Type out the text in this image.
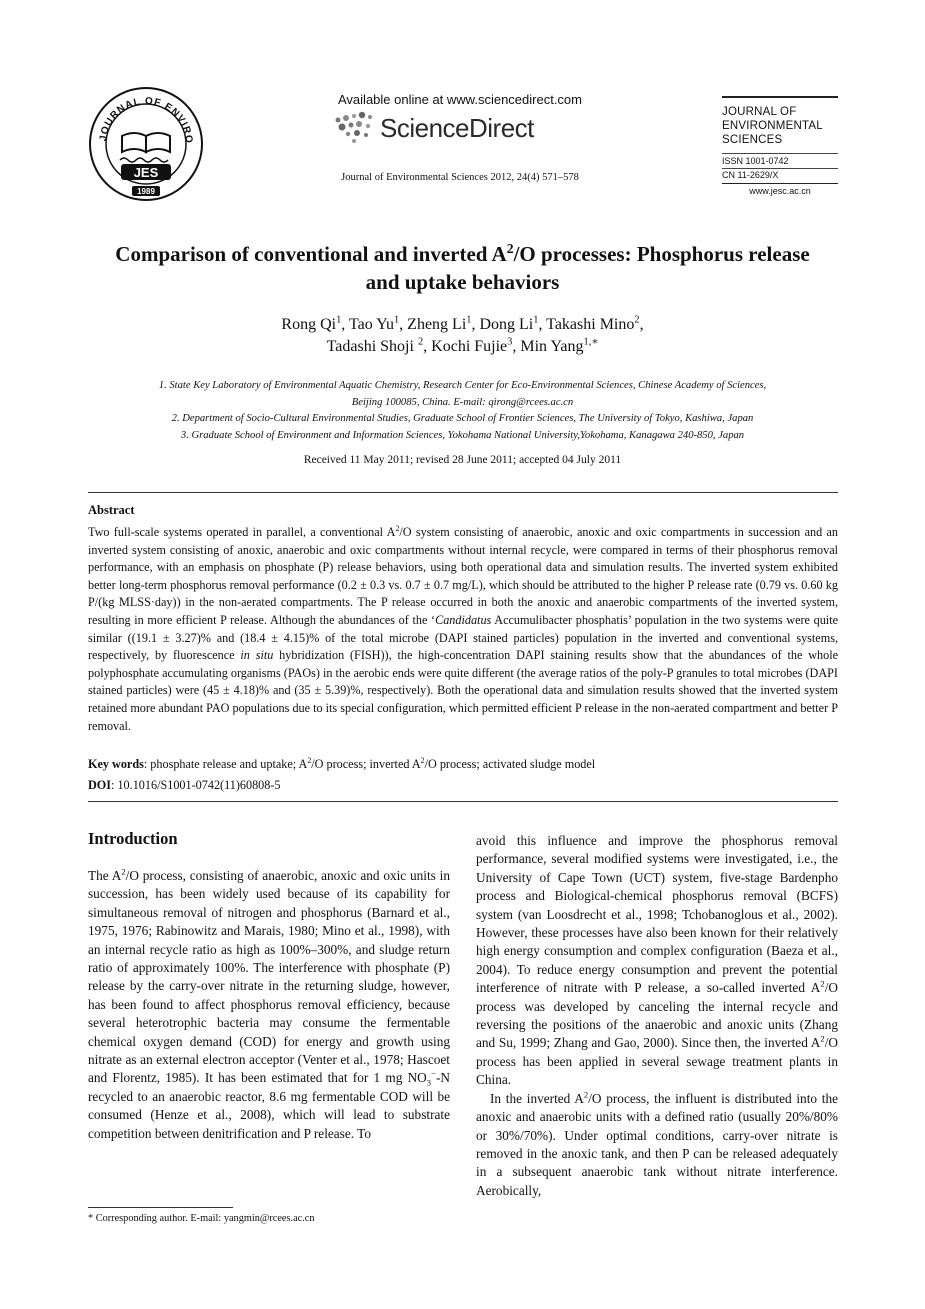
JOURNAL OF ENVIRO
JES
1989
Available online at www.sciencedirect.com
ScienceDirect
Journal of Environmental Sciences 2012, 24(4) 571–578
JOURNAL OF
ENVIRONMENTAL
SCIENCES
ISSN 1001-0742
CN 11-2629/X
www.jesc.ac.cn
Comparison of conventional and inverted $A^2/O$ processes: Phosphorus release
and uptake behaviors
Rong Qi$^1$, Tao Yu$^1$, Zheng Li$^1$, Dong Li$^1$, Takashi Mino$^2$,
Tadashi Shoji $^2$, Kochi Fujie$^3$, Min Yang$^{1,∗}$
1. State Key Laboratory of Environmental Aquatic Chemistry, Research Center for Eco-Environmental Sciences, Chinese Academy of Sciences,
Beijing 100085, China. E-mail: qirong@rcees.ac.cn
2. Department of Socio-Cultural Environmental Studies, Graduate School of Frontier Sciences, The University of Tokyo, Kashiwa, Japan
3. Graduate School of Environment and Information Sciences, Yokohama National University,Yokohama, Kanagawa 240-850, Japan
Received 11 May 2011; revised 28 June 2011; accepted 04 July 2011
Abstract
Two full-scale systems operated in parallel, a conventional $A^2/O$ system consisting of anaerobic, anoxic and oxic compartments in succession and an inverted system consisting of anoxic, anaerobic and oxic compartments without internal recycle, were compared in terms of their phosphorus removal performance, with an emphasis on phosphate (P) release behaviors, using both operational data and simulation results. The inverted system exhibited better long-term phosphorus removal performance (0.2 ± 0.3 vs. 0.7 ± 0.7 mg/L), which should be attributed to the higher P release rate (0.79 vs. 0.60 kg P/(kg MLSS·day)) in the non-aerated compartments. The P release occurred in both the anoxic and anaerobic compartments of the inverted system, resulting in more efficient P release. Although the abundances of the ‘Candidatus Accumulibacter phosphatis’ population in the two systems were quite similar ((19.1 ± 3.27)% and (18.4 ± 4.15)% of the total microbe (DAPI stained particles) population in the inverted and conventional systems, respectively, by fluorescence in situ hybridization (FISH)), the high-concentration DAPI staining results show that the abundances of the whole polyphosphate accumulating organisms (PAOs) in the aerobic ends were quite different (the average ratios of the poly-P granules to total microbes (DAPI stained particles) were (45 ± 4.18)% and (35 ± 5.39)%, respectively). Both the operational data and simulation results showed that the inverted system retained more abundant PAO populations due to its special configuration, which permitted efficient P release in the non-aerated compartment and better P removal.
Key words: phosphate release and uptake; $A^2/O$ process; inverted $A^2/O$ process; activated sludge model
DOI: 10.1016/S1001-0742(11)60808-5
Introduction
The $A^2/O$ process, consisting of anaerobic, anoxic and oxic units in succession, has been widely used because of its capability for simultaneous removal of nitrogen and phosphorus (Barnard et al., 1975, 1976; Rabinowitz and Marais, 1980; Mino et al., 1998), with an internal recycle ratio as high as 100%–300%, and sludge return ratio of approximately 100%. The interference with phosphate (P) release by the carry-over nitrate in the returning sludge, however, has been found to affect phosphorus removal efficiency, because several heterotrophic bacteria may consume the fermentable chemical oxygen demand (COD) for energy and growth using nitrate as an external electron acceptor (Venter et al., 1978; Hascoet and Florentz, 1985). It has been estimated that for 1 mg $NO_3^--N$ recycled to an anaerobic reactor, 8.6 mg fermentable COD will be consumed (Henze et al., 2008), which will lead to substrate competition between denitrification and P release. To

avoid this influence and improve the phosphorus removal performance, several modified systems were investigated, i.e., the University of Cape Town (UCT) system, five-stage Bardenpho process and Biological-chemical phosphorus removal (BCFS) system (van Loosdrecht et al., 1998; Tchobanoglous et al., 2002). However, these processes have also been known for their relatively high energy consumption and complex configuration (Baeza et al., 2004). To reduce energy consumption and prevent the potential interference of nitrate with P release, a so-called inverted $A^2/O$ process was developed by canceling the internal recycle and reversing the positions of the anaerobic and anoxic units (Zhang and Su, 1999; Zhang and Gao, 2000). Since then, the inverted $A^2/O$ process has been applied in several sewage treatment plants in China.

In the inverted $A^2/O$ process, the influent is distributed into the anoxic and anaerobic units with a defined ratio (usually 20%/80% or 30%/70%). Under optimal conditions, carry-over nitrate is removed in the anoxic tank, and then P can be released adequately in a subsequent anaerobic tank without nitrate interference. Aerobically,

* Corresponding author. E-mail: yangmin@rcees.ac.cn
